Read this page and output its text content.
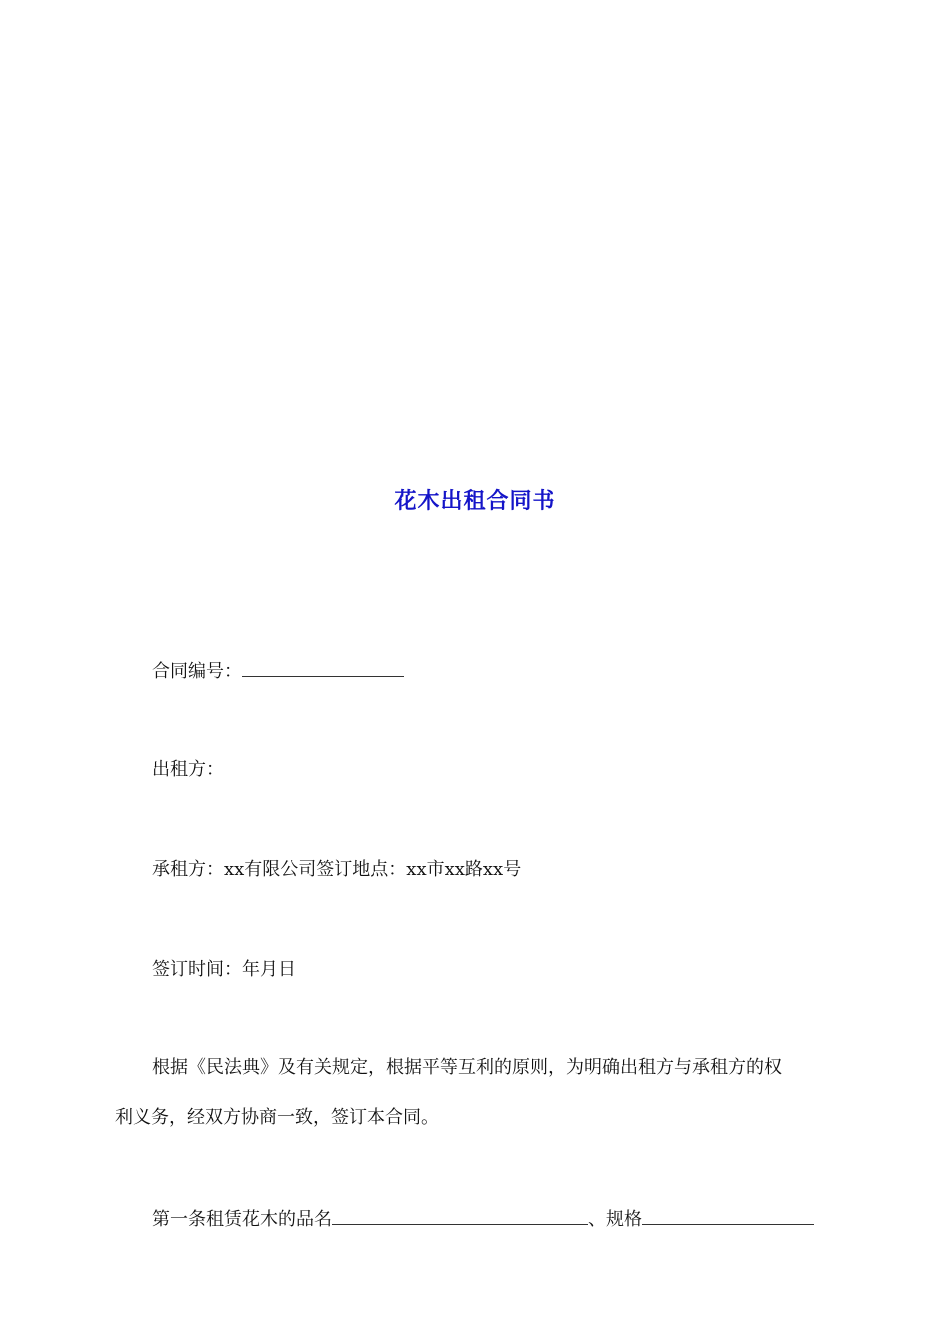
花木出租合同书
合同编号：
出租方：
承租方：xx有限公司签订地点：xx市xx路xx号
签订时间：年月日
根据《民法典》及有关规定，根据平等互利的原则，为明确出租方与承租方的权
利义务，经双方协商一致，签订本合同。
第一条租赁花木的品名	、规格
